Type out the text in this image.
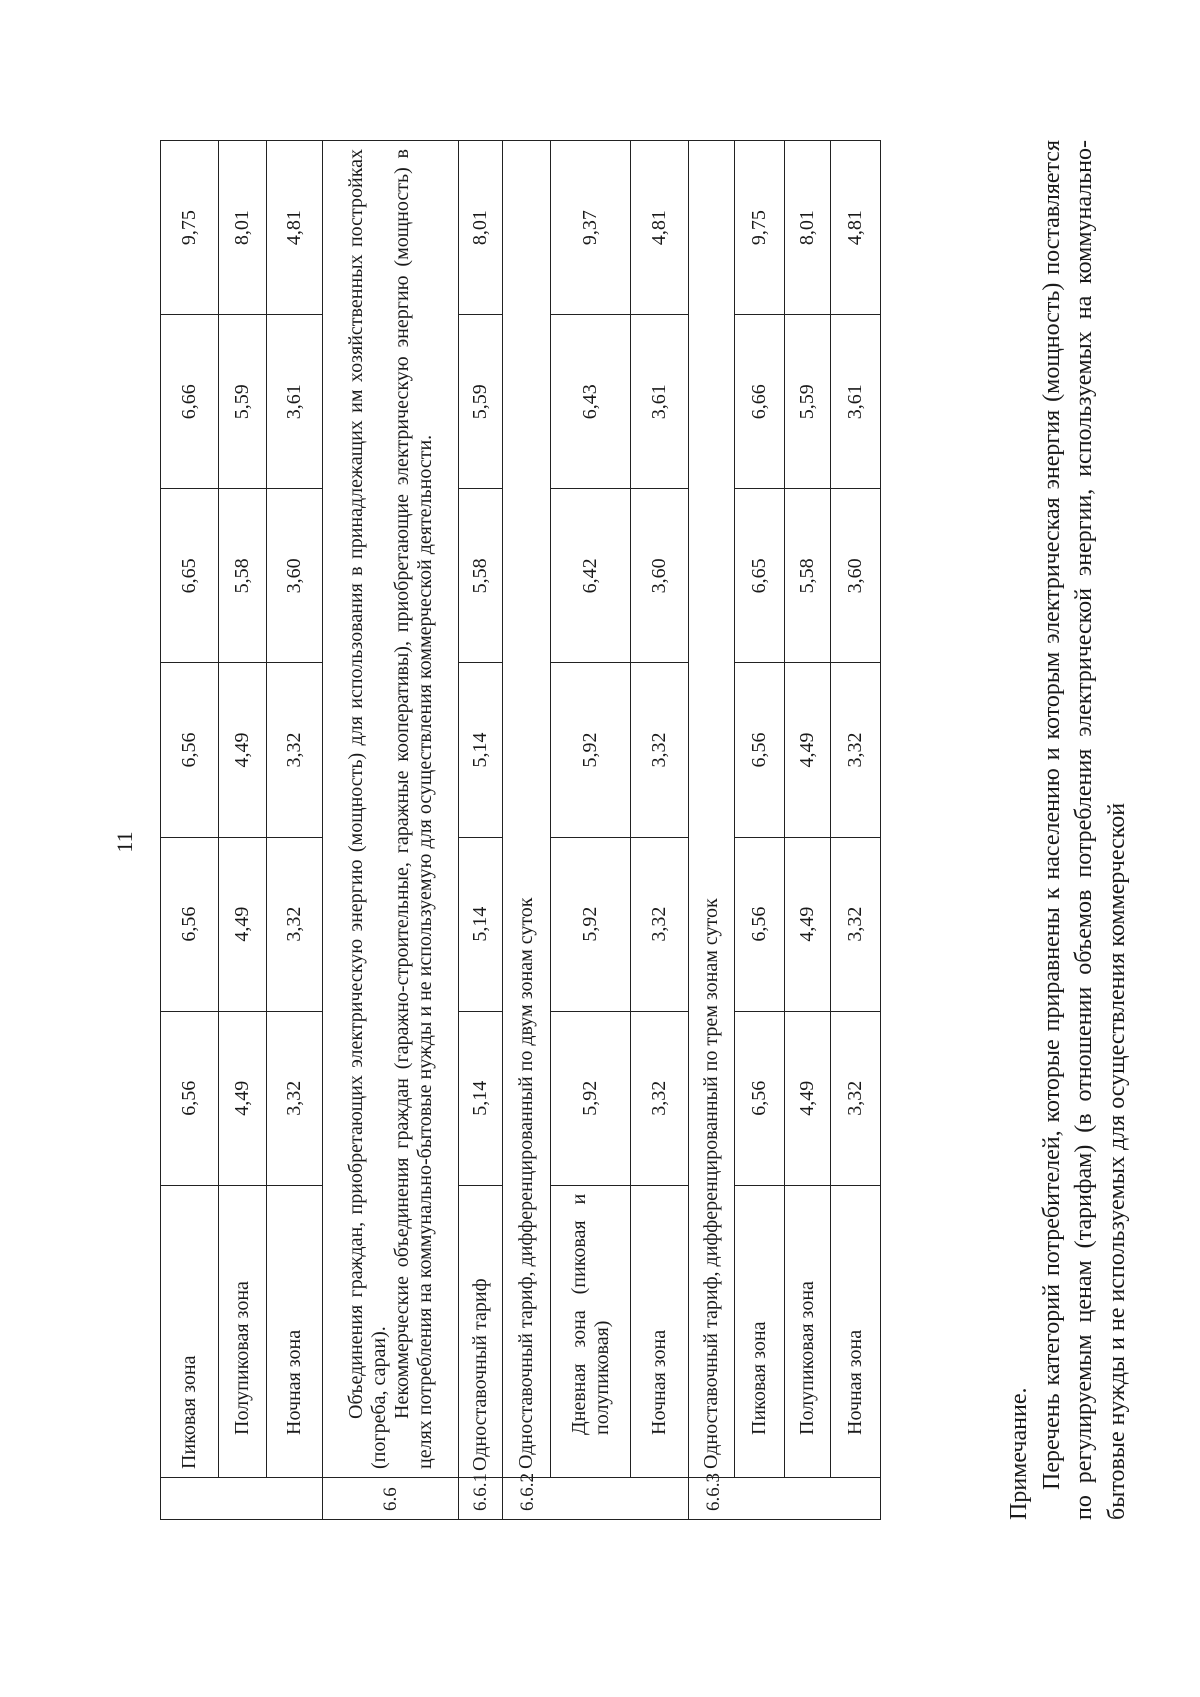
11
	Пиковая зона	6,56	6,56	6,56	6,65	6,66	9,75
	Полупиковая зона	4,49	4,49	4,49	5,58	5,59	8,01
	Ночная зона	3,32	3,32	3,32	3,60	3,61	4,81
6.6	Объединения граждан, приобретающих электрическую энергию (мощность) для использования в принадлежащих им хозяйственных постройках (погреба, сараи). Некоммерческие объединения граждан (гаражно-строительные, гаражные кооперативы), приобретающие электрическую энергию (мощность) в целях потребления на коммунально-бытовые нужды и не используемую для осуществления коммерческой деятельности.						

6.6.1	Одноставочный тариф	5,14	5,14	5,14	5,58	5,59	8,01
6.6.2	Одноставочный тариф, дифференцированный по двум зонам суток						
	Дневная зона (пиковая и полупиковая)	5,92	5,92	5,92	6,42	6,43	9,37
	Ночная зона	3,32	3,32	3,32	3,60	3,61	4,81
6.6.3	Одноставочный тариф, дифференцированный по трем зонам суток						
	Пиковая зона	6,56	6,56	6,56	6,65	6,66	9,75
	Полупиковая зона	4,49	4,49	4,49	5,58	5,59	8,01
	Ночная зона	3,32	3,32	3,32	3,60	3,61	4,81
Примечание. Перечень категорий потребителей, которые приравнены к населению и которым электрическая энергия (мощность) поставляется по регулируемым ценам (тарифам) (в отношении объемов потребления электрической энергии, используемых на коммунально-бытовые нужды и не используемых для осуществления коммерческой
